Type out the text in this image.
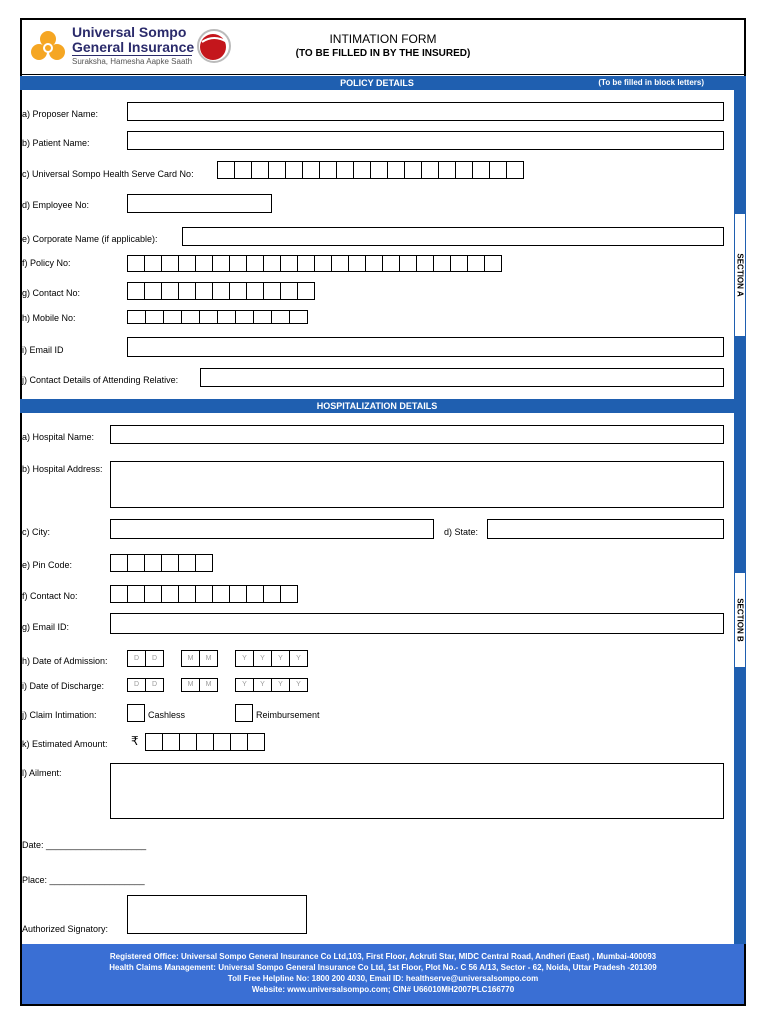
Universal Sompo
General Insurance
Suraksha, Hamesha Aapke Saath
INTIMATION FORM
(TO BE FILLED IN BY THE INSURED)
SECTION A
SECTION B
POLICY DETAILS	(To be filled in block letters)
a) Proposer Name:
b) Patient Name:
c) Universal Sompo Health Serve Card No:
d) Employee No:
e) Corporate Name (if applicable):
f) Policy No:
g) Contact No:
h) Mobile No:
i) Email ID
j) Contact Details of Attending Relative:
HOSPITALIZATION DETAILS
a) Hospital Name:
b) Hospital Address:
c) City:	d) State:
e) Pin Code:
f) Contact No:
g) Email ID:
h) Date of Admission:	D	D	M	M	Y	Y	Y	Y
i) Date of Discharge:	D	D	M	M	Y	Y	Y	Y
j) Claim Intimation:	Cashless	Reimbursement
k) Estimated Amount: ₹
l) Ailment:
Date: ____________________
Place: ___________________
Authorized Signatory:
Registered Office: Universal Sompo General Insurance Co Ltd,103, First Floor, Ackruti Star, MIDC Central Road, Andheri (East) , Mumbai-400093
Health Claims Management: Universal Sompo General Insurance Co Ltd, 1st Floor, Plot No.- C 56 A/13, Sector - 62, Noida, Uttar Pradesh -201309
Toll Free Helpline No: 1800 200 4030, Email ID: healthserve@universalsompo.com
Website: www.universalsompo.com; CIN# U66010MH2007PLC166770
